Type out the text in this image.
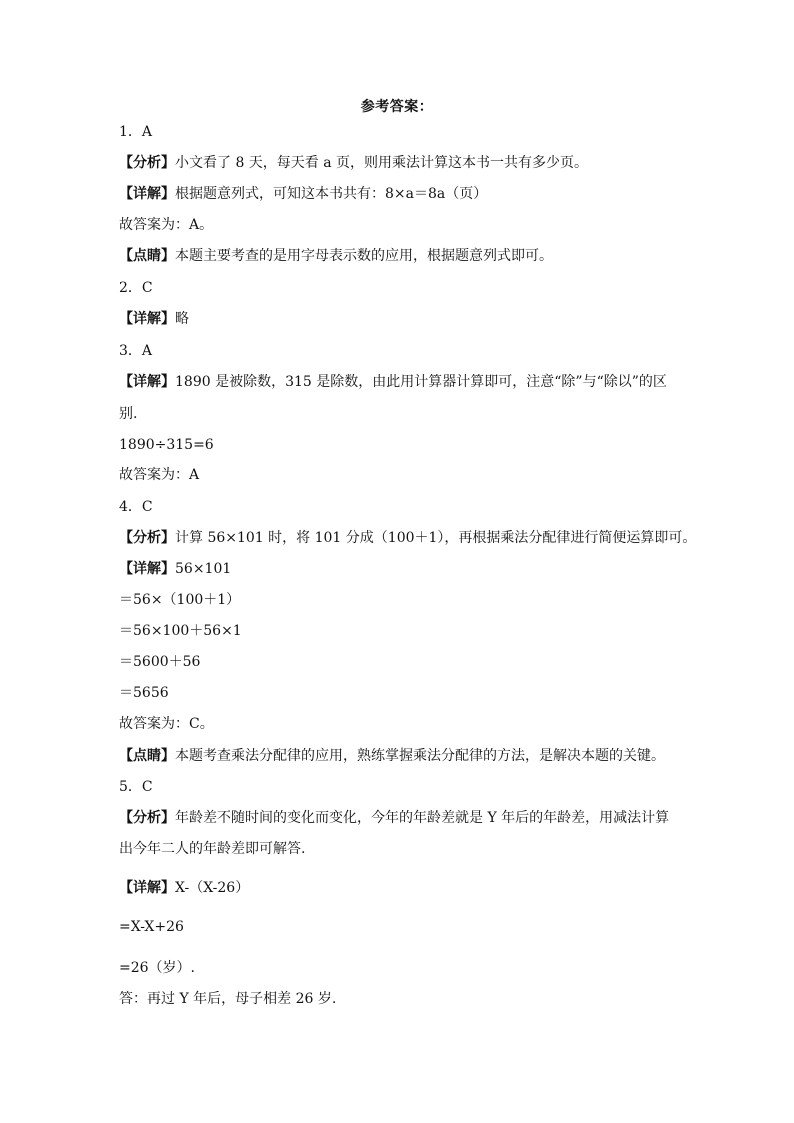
参考答案：
1．A
【分析】小文看了 8 天，每天看 a 页，则用乘法计算这本书一共有多少页。
【详解】根据题意列式，可知这本书共有：8×a＝8a（页）
故答案为：A。
【点睛】本题主要考查的是用字母表示数的应用，根据题意列式即可。
2．C
【详解】略
3．A
【详解】1890 是被除数，315 是除数，由此用计算器计算即可，注意“除”与“除以”的区
别.
1890÷315=6
故答案为：A
4．C
【分析】计算 56×101 时，将 101 分成（100＋1），再根据乘法分配律进行简便运算即可。
【详解】56×101
＝56×（100＋1）
＝56×100＋56×1
＝5600＋56
＝5656
故答案为：C。
【点睛】本题考查乘法分配律的应用，熟练掌握乘法分配律的方法，是解决本题的关键。
5．C
【分析】年龄差不随时间的变化而变化，今年的年龄差就是 Y 年后的年龄差，用减法计算
出今年二人的年龄差即可解答.
【详解】X-（X-26）
=X-X+26
=26（岁）.
答：再过 Y 年后，母子相差 26 岁.
